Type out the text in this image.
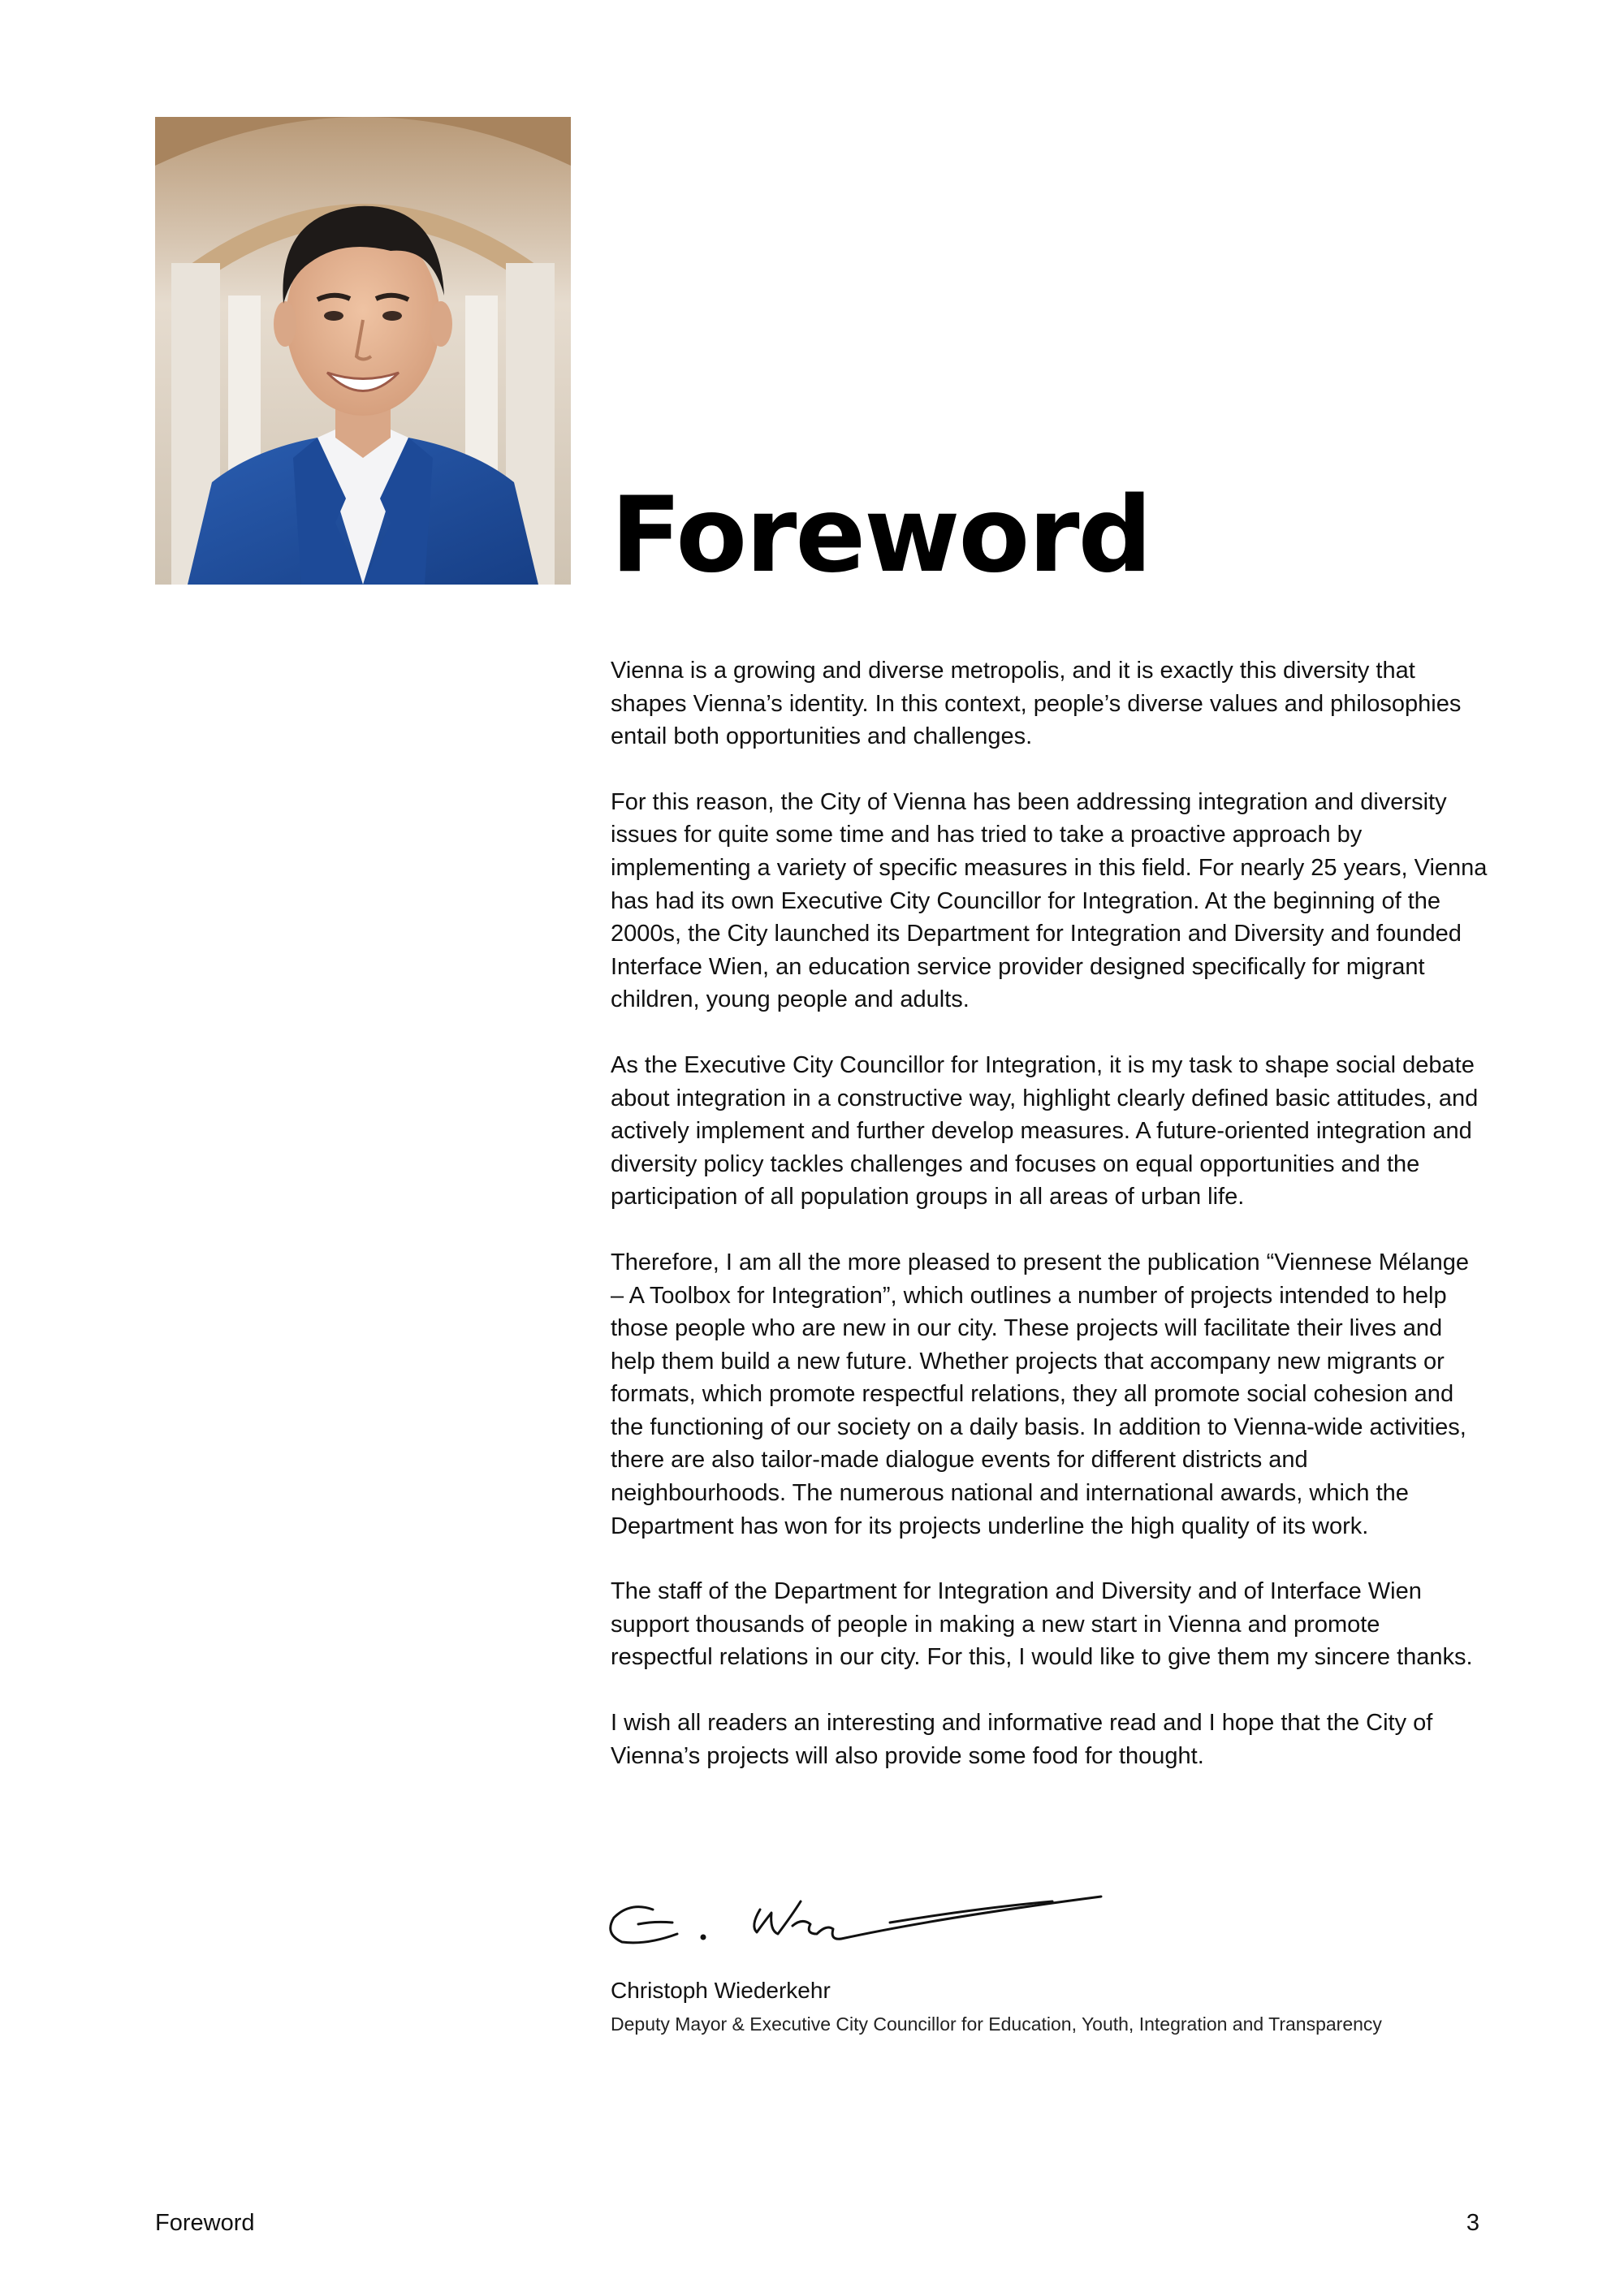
Foreword

Vienna is a growing and diverse metropolis, and it is exactly this diversity that shapes Vienna’s identity. In this context, people’s diverse values and philosophies entail both opportunities and challenges.

For this reason, the City of Vienna has been addressing integration and diversity issues for quite some time and has tried to take a proactive approach by implementing a variety of specific measures in this field. For nearly 25 years, Vienna has had its own Executive City Councillor for Integration. At the beginning of the 2000s, the City launched its Department for Integration and Diversity and founded Interface Wien, an education service provider designed specifically for migrant children, young people and adults.

As the Executive City Councillor for Integration, it is my task to shape social debate about integration in a constructive way, highlight clearly defined basic attitudes, and actively implement and further develop measures. A future-oriented integration and diversity policy tackles challenges and focuses on equal opportunities and the participation of all population groups in all areas of urban life.

Therefore, I am all the more pleased to present the publication “Viennese Mélange – A Toolbox for Integration”, which outlines a number of projects intended to help those people who are new in our city. These projects will facilitate their lives and help them build a new future. Whether projects that accompany new migrants or formats, which promote respectful relations, they all promote social cohesion and the functioning of our society on a daily basis. In addition to Vienna-wide activities, there are also tailor-made dialogue events for different districts and neighbourhoods. The numerous national and international awards, which the Department has won for its projects underline the high quality of its work.

The staff of the Department for Integration and Diversity and of Interface Wien support thousands of people in making a new start in Vienna and promote respectful relations in our city. For this, I would like to give them my sincere thanks.

I wish all readers an interesting and informative read and I hope that the City of Vienna’s projects will also provide some food for thought.

Christoph Wiederkehr

Deputy Mayor & Executive City Councillor for Education, Youth, Integration and Transparency

Foreword	3
